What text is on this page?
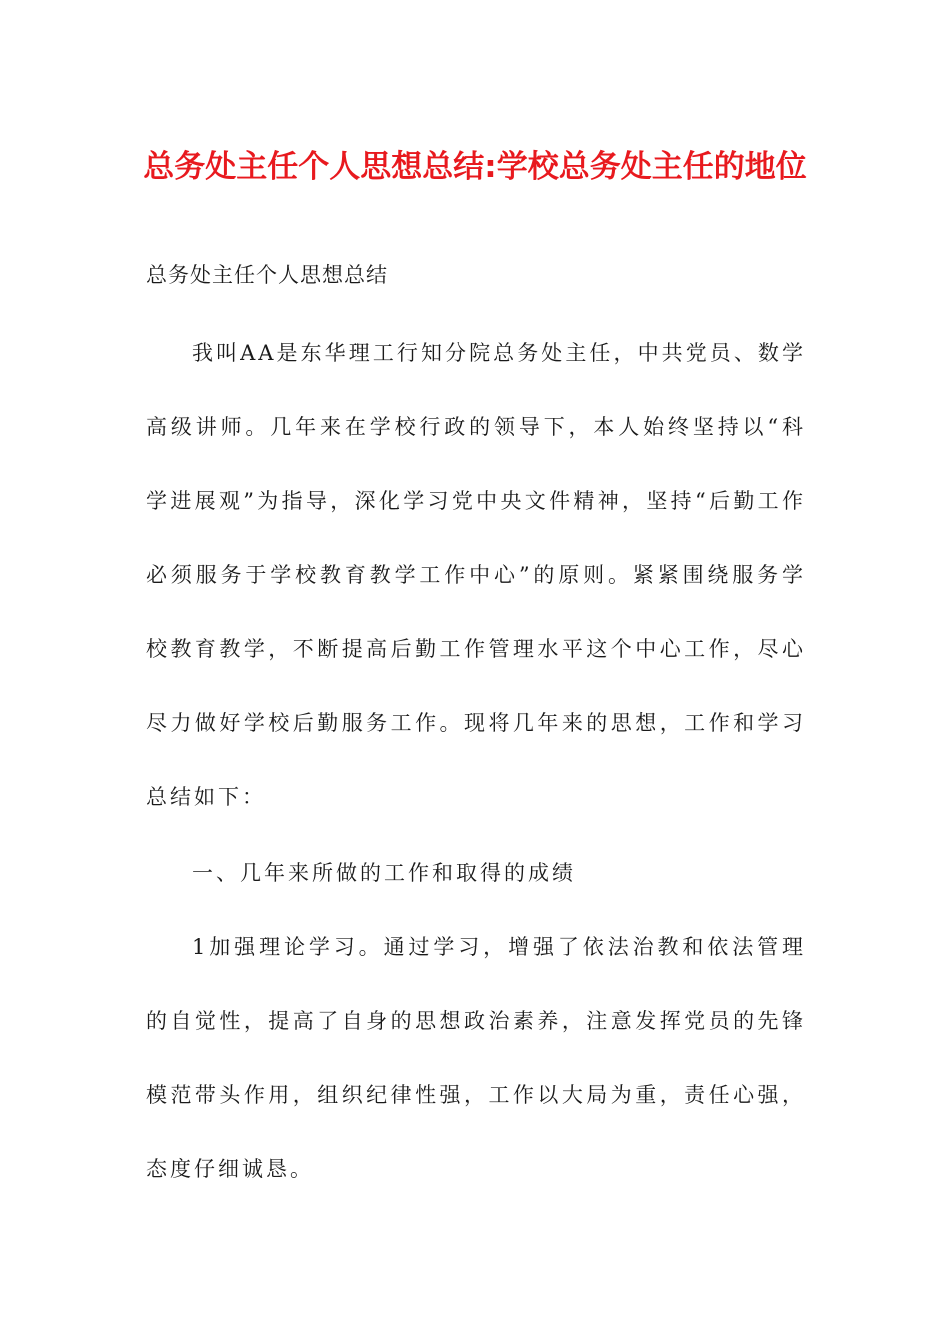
总务处主任个人思想总结:学校总务处主任的地位

总务处主任个人思想总结

我叫AA是东华理工行知分院总务处主任，中共党员、数学高级讲师。几年来在学校行政的领导下，本人始终坚持以“科学进展观”为指导，深化学习党中央文件精神，坚持“后勤工作必须服务于学校教育教学工作中心”的原则。紧紧围绕服务学校教育教学，不断提高后勤工作管理水平这个中心工作，尽心尽力做好学校后勤服务工作。现将几年来的思想，工作和学习总结如下：

一、几年来所做的工作和取得的成绩

1加强理论学习。通过学习，增强了依法治教和依法管理的自觉性，提高了自身的思想政治素养，注意发挥党员的先锋模范带头作用，组织纪律性强，工作以大局为重，责任心强，态度仔细诚恳。
